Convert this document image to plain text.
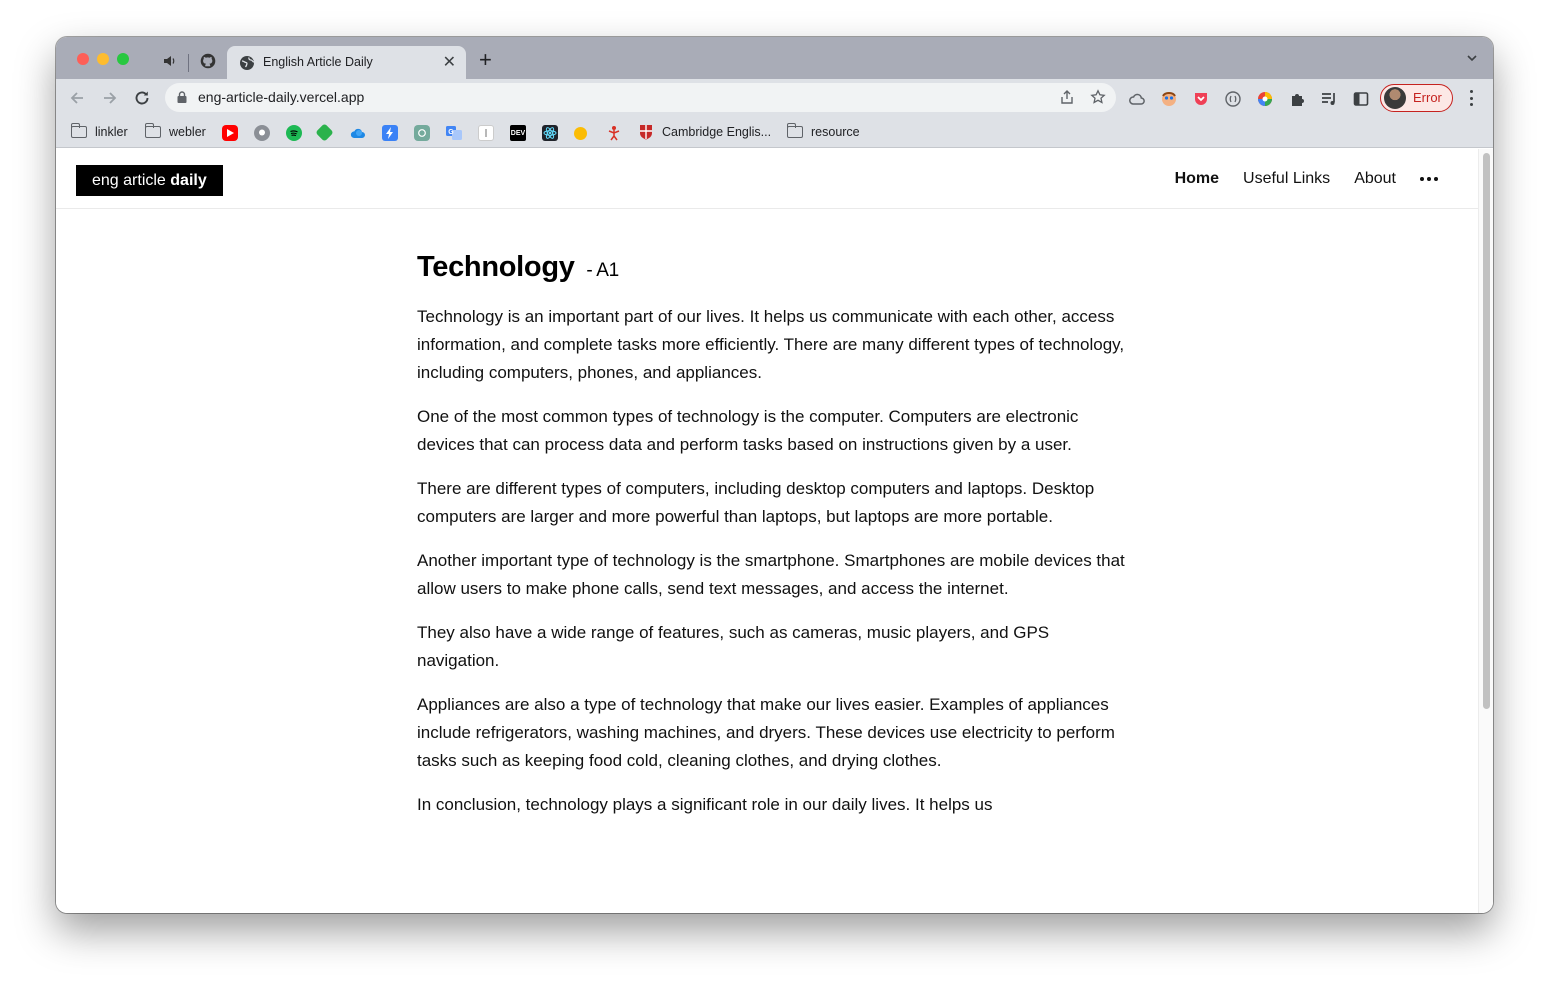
English Article Daily	✕ +
eng-article-daily.vercel.app	Error
linkler	webler	G	DEV	Cambridge Englis...	resource
eng article daily	Home Useful Links About
Technology - A1

Technology is an important part of our lives. It helps us communicate with each other, access information, and complete tasks more efficiently. There are many different types of technology, including computers, phones, and appliances.

One of the most common types of technology is the computer. Computers are electronic devices that can process data and perform tasks based on instructions given by a user.

There are different types of computers, including desktop computers and laptops. Desktop computers are larger and more powerful than laptops, but laptops are more portable.

Another important type of technology is the smartphone. Smartphones are mobile devices that allow users to make phone calls, send text messages, and access the internet.

They also have a wide range of features, such as cameras, music players, and GPS navigation.

Appliances are also a type of technology that make our lives easier. Examples of appliances include refrigerators, washing machines, and dryers. These devices use electricity to perform tasks such as keeping food cold, cleaning clothes, and drying clothes.

In conclusion, technology plays a significant role in our daily lives. It helps us
